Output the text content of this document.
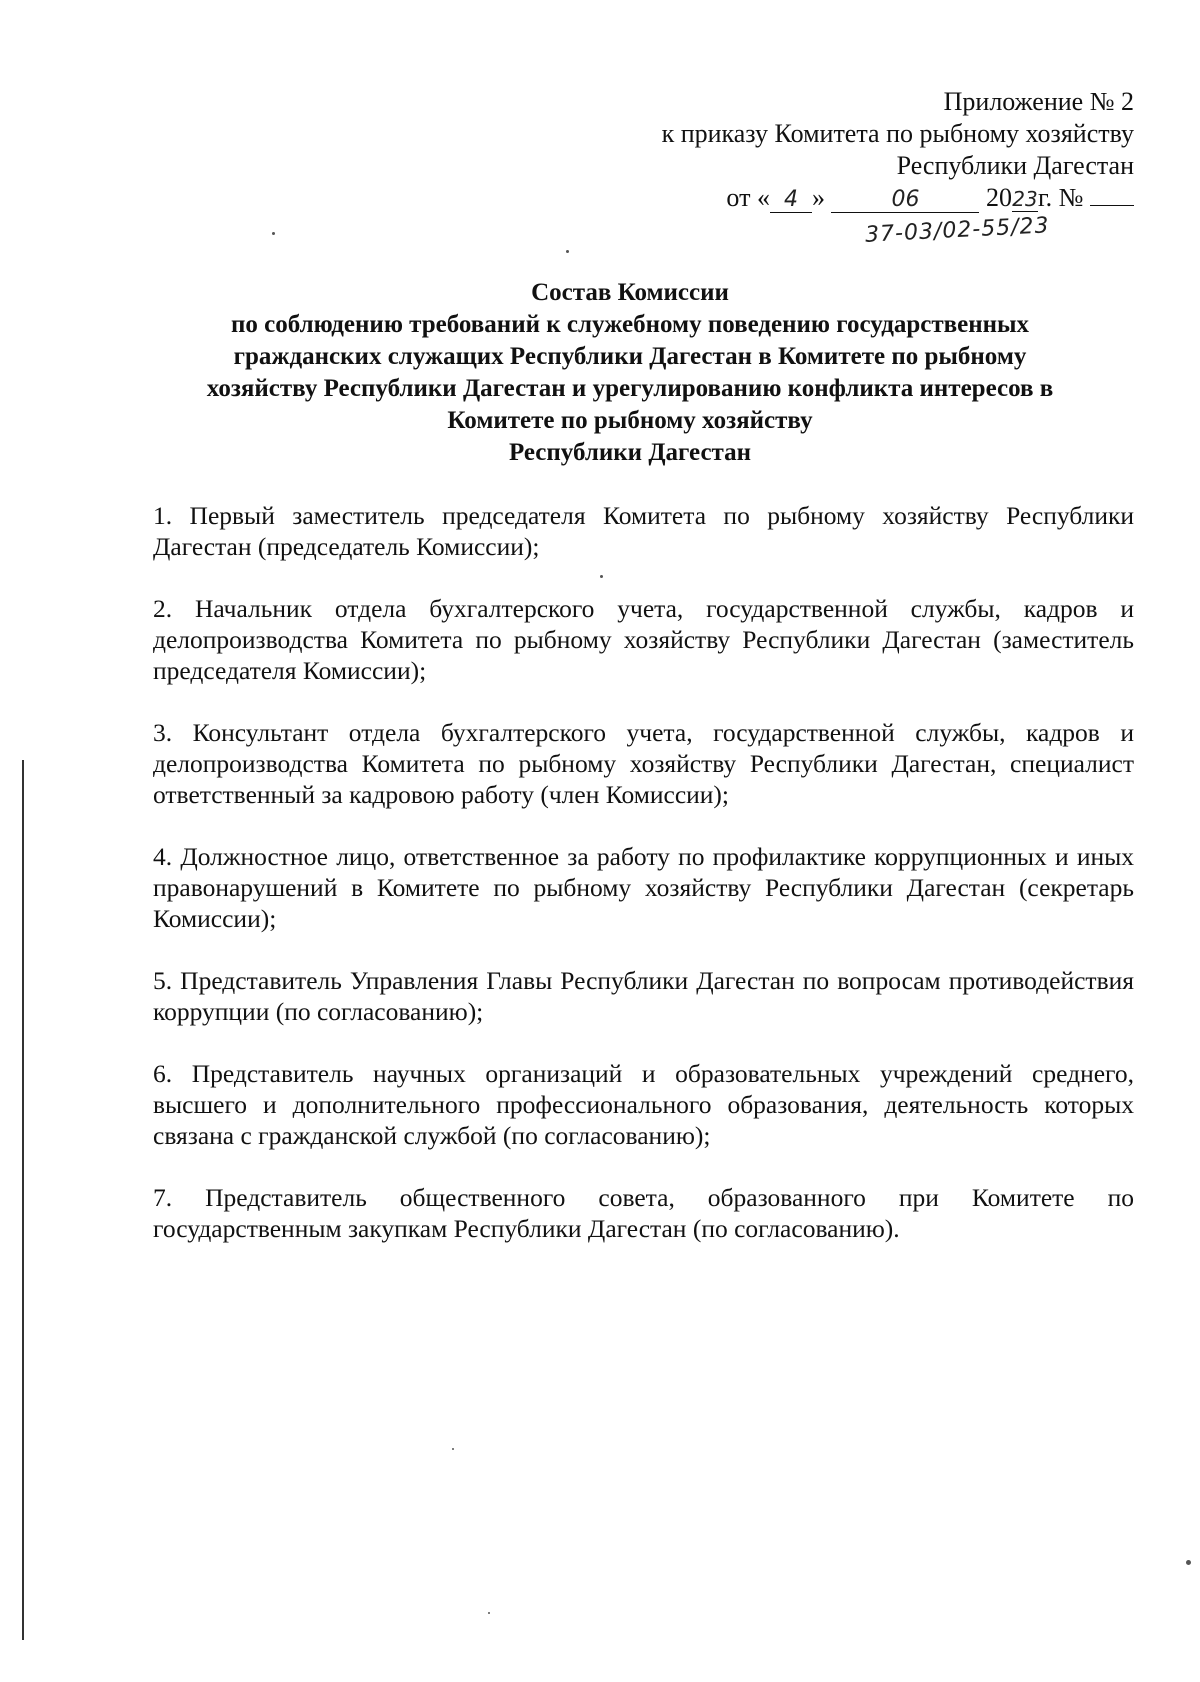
Приложение № 2
к приказу Комитета по рыбному хозяйству
Республики Дагестан
от « 4 »	06	2023г. №
37-03/02-55/23
Состав Комиссии
по соблюдению требований к служебному поведению государственных
гражданских служащих Республики Дагестан в Комитете по рыбному
хозяйству Республики Дагестан и урегулированию конфликта интересов в
Комитете по рыбному хозяйству
Республики Дагестан

1. Первый заместитель председателя Комитета по рыбному хозяйству Республики Дагестан (председатель Комиссии);

2. Начальник отдела бухгалтерского учета, государственной службы, кадров и делопроизводства Комитета по рыбному хозяйству Республики Дагестан (заместитель председателя Комиссии);

3. Консультант отдела бухгалтерского учета, государственной службы, кадров и делопроизводства Комитета по рыбному хозяйству Республики Дагестан, специалист ответственный за кадровою работу (член Комиссии);

4. Должностное лицо, ответственное за работу по профилактике коррупционных и иных правонарушений в Комитете по рыбному хозяйству Республики Дагестан (секретарь Комиссии);

5. Представитель Управления Главы Республики Дагестан по вопросам противодействия коррупции (по согласованию);

6. Представитель научных организаций и образовательных учреждений среднего, высшего и дополнительного профессионального образования, деятельность которых связана с гражданской службой (по согласованию);

7. Представитель общественного совета, образованного при Комитете по государственным закупкам Республики Дагестан (по согласованию).
